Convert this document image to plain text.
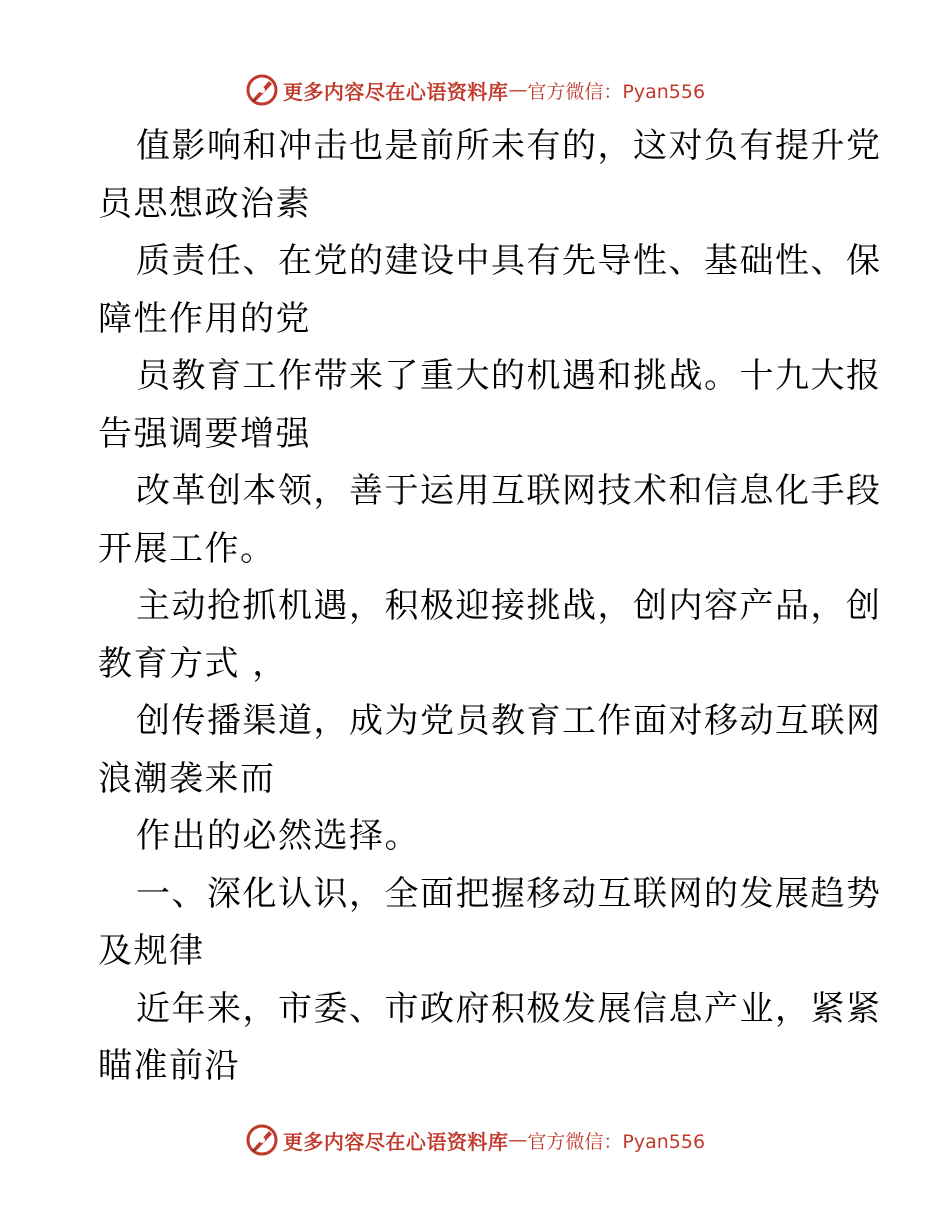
更多内容尽在心语资料库 — 官方微信：Pyan556
值影响和冲击也是前所未有的，这对负有提升党
员思想政治素
质责任、在党的建设中具有先导性、基础性、保
障性作用的党
员教育工作带来了重大的机遇和挑战。十九大报
告强调要增强
改革创本领，善于运用互联网技术和信息化手段
开展工作。
主动抢抓机遇，积极迎接挑战，创内容产品，创
教育方式 ，
创传播渠道，成为党员教育工作面对移动互联网
浪潮袭来而
作出的必然选择。
一、深化认识，全面把握移动互联网的发展趋势
及规律
近年来，市委、市政府积极发展信息产业，紧紧
瞄准前沿
更多内容尽在心语资料库 — 官方微信：Pyan556
